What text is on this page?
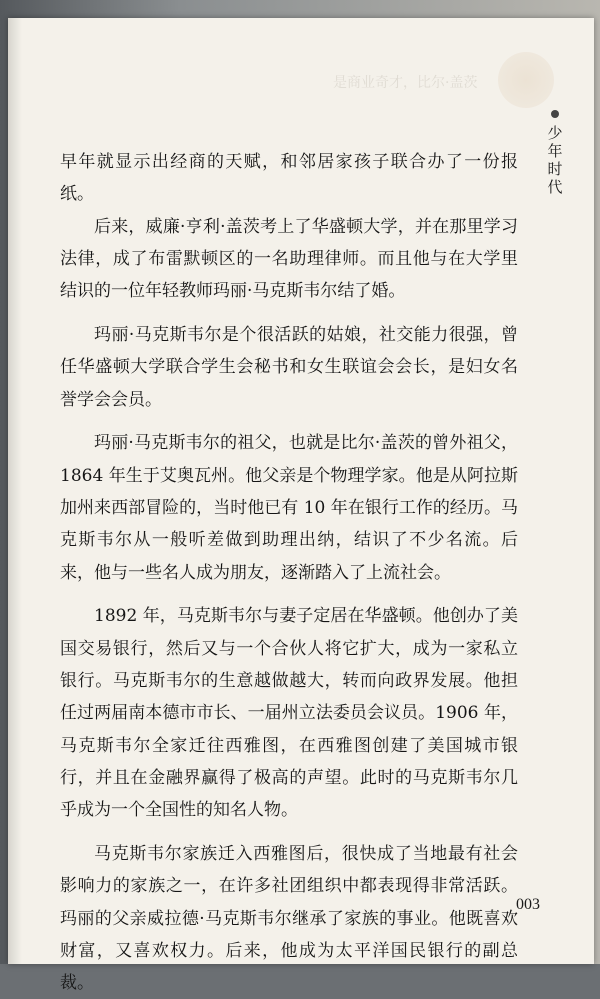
是商业奇才，比尔·盖茨
少
年
时
代

早年就显示出经商的天赋，和邻居家孩子联合办了一份报纸。

后来，威廉·亨利·盖茨考上了华盛顿大学，并在那里学习法律，成了布雷默顿区的一名助理律师。而且他与在大学里结识的一位年轻教师玛丽·马克斯韦尔结了婚。

玛丽·马克斯韦尔是个很活跃的姑娘，社交能力很强，曾任华盛顿大学联合学生会秘书和女生联谊会会长，是妇女名誉学会会员。

玛丽·马克斯韦尔的祖父，也就是比尔·盖茨的曾外祖父，1864 年生于艾奥瓦州。他父亲是个物理学家。他是从阿拉斯加州来西部冒险的，当时他已有 10 年在银行工作的经历。马克斯韦尔从一般听差做到助理出纳，结识了不少名流。后来，他与一些名人成为朋友，逐渐踏入了上流社会。

1892 年，马克斯韦尔与妻子定居在华盛顿。他创办了美国交易银行，然后又与一个合伙人将它扩大，成为一家私立银行。马克斯韦尔的生意越做越大，转而向政界发展。他担任过两届南本德市市长、一届州立法委员会议员。1906 年，马克斯韦尔全家迁往西雅图，在西雅图创建了美国城市银行，并且在金融界赢得了极高的声望。此时的马克斯韦尔几乎成为一个全国性的知名人物。

马克斯韦尔家族迁入西雅图后，很快成了当地最有社会影响力的家族之一，在许多社团组织中都表现得非常活跃。玛丽的父亲威拉德·马克斯韦尔继承了家族的事业。他既喜欢财富，又喜欢权力。后来，他成为太平洋国民银行的副总裁。

003
